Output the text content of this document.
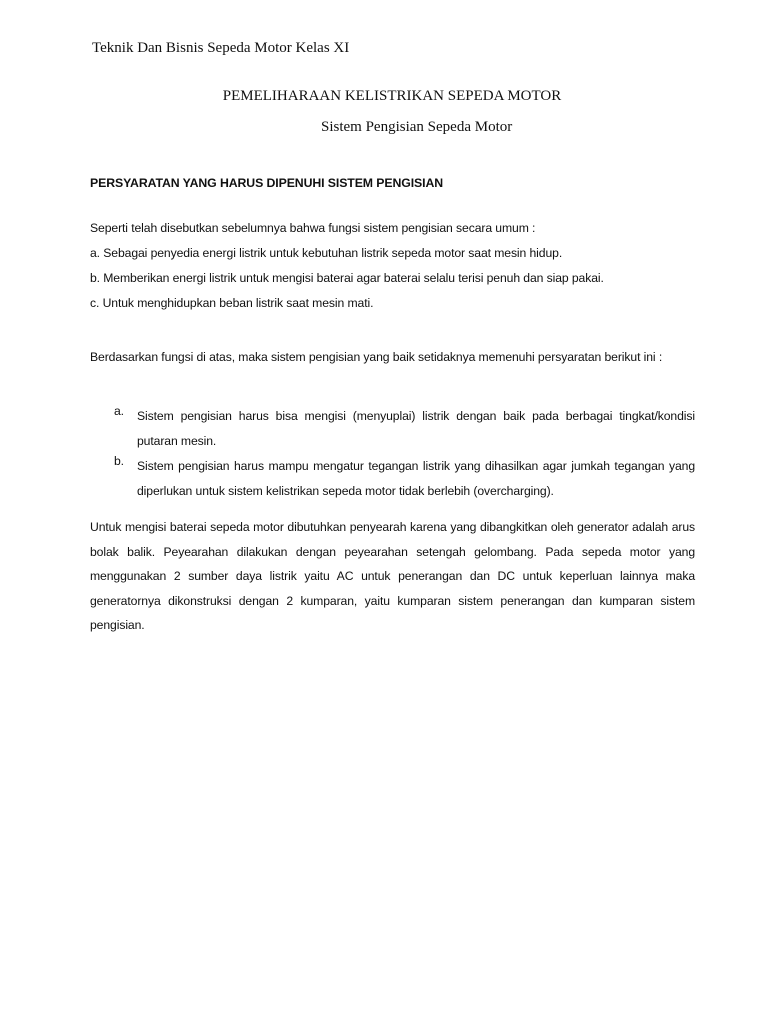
Teknik Dan Bisnis Sepeda Motor Kelas XI
PEMELIHARAAN KELISTRIKAN SEPEDA MOTOR
Sistem Pengisian Sepeda Motor
PERSYARATAN YANG HARUS DIPENUHI SISTEM PENGISIAN
Seperti telah disebutkan sebelumnya bahwa fungsi sistem pengisian secara umum :
a. Sebagai penyedia energi listrik untuk kebutuhan listrik sepeda motor saat mesin hidup.
b. Memberikan energi listrik untuk mengisi baterai agar baterai selalu terisi penuh dan siap pakai.
c. Untuk menghidupkan beban listrik saat mesin mati.
Berdasarkan fungsi di atas, maka sistem pengisian yang baik setidaknya memenuhi persyaratan berikut ini :
a. Sistem pengisian harus bisa mengisi (menyuplai) listrik dengan baik pada berbagai tingkat/kondisi putaran mesin.
b. Sistem pengisian harus mampu mengatur tegangan listrik yang dihasilkan agar jumkah tegangan yang diperlukan untuk sistem kelistrikan sepeda motor tidak berlebih (overcharging).
Untuk mengisi baterai sepeda motor dibutuhkan penyearah karena yang dibangkitkan oleh generator adalah arus bolak balik. Peyearahan dilakukan dengan peyearahan setengah gelombang. Pada sepeda motor yang menggunakan 2 sumber daya listrik yaitu AC untuk penerangan dan DC untuk keperluan lainnya maka generatornya dikonstruksi dengan 2 kumparan, yaitu kumparan sistem penerangan dan kumparan sistem pengisian.
